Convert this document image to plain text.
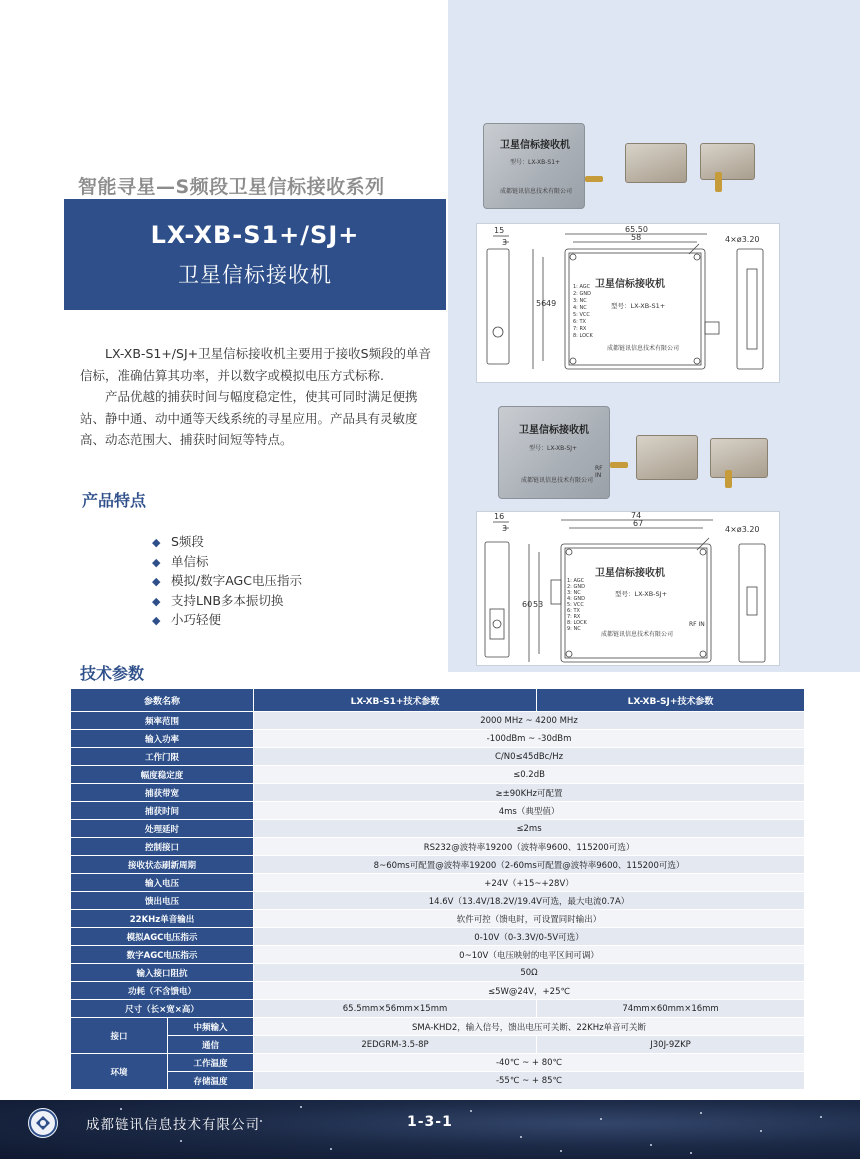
智能寻星—S频段卫星信标接收系列
LX-XB-S1+/SJ+
卫星信标接收机

LX-XB-S1+/SJ+卫星信标接收机主要用于接收S频段的单音信标，准确估算其功率，并以数字或模拟电压方式标称.

产品优越的捕获时间与幅度稳定性，使其可同时满足便携站、静中通、动中通等天线系统的寻星应用。产品具有灵敏度高、动态范围大、捕获时间短等特点。

产品特点
◆ S频段
◆ 单信标
◆ 模拟/数字AGC电压指示
◆ 支持LNB多本振切换
◆ 小巧轻便
技术参数
卫星信标接收机
型号：LX-XB-S1+
成都链讯信息技术有限公司
15
3
65.50
58	4×ø3.20
56 49
卫星信标接收机
型号：LX-XB-S1+
成都链讯信息技术有限公司
1: AGC
2: GND
3: NC
4: NC
5: VCC
6: TX
7: RX
8: LOCK
卫星信标接收机
型号：LX-XB-SJ+
成都链讯信息技术有限公司
RF IN
16
3
74
67
4×ø3.20
60 53
卫星信标接收机
型号：LX-XB-SJ+
成都链讯信息技术有限公司
RF IN
1: AGC
2: GND
3: NC
4: GND
5: VCC
6: TX
7: RX
8: LOCK
9: NC
参数名称		LX-XB-S1+技术参数	LX-XB-SJ+技术参数
频率范围		2000 MHz ~ 4200 MHz	
输入功率		-100dBm ~ -30dBm	
工作门限		C/N0≤45dBc/Hz	
幅度稳定度		≤0.2dB	
捕获带宽		≥±90KHz可配置	
捕获时间		4ms（典型值）	
处理延时		≤2ms	
控制接口		RS232@波特率19200（波特率9600、115200可选）	
接收状态刷新周期		8~60ms可配置@波特率19200（2-60ms可配置@波特率9600、115200可选）	
输入电压		+24V（+15~+28V）	
馈出电压		14.6V（13.4V/18.2V/19.4V可选，最大电流0.7A）	
22KHz单音输出		软件可控（馈电时，可设置同时输出）	
模拟AGC电压指示		0-10V（0-3.3V/0-5V可选）	
数字AGC电压指示		0~10V（电压映射的电平区间可调）	
输入接口阻抗		50Ω	
功耗（不含馈电）		≤5W@24V，+25℃	
尺寸（长×宽×高）		65.5mm×56mm×15mm	74mm×60mm×16mm
接口	中频输入	SMA-KHD2，输入信号，馈出电压可关断、22KHz单音可关断	
	通信	2EDGRM-3.5-8P	J30J-9ZKP
环境	工作温度	-40℃ ~ + 80℃	
	存储温度	-55℃ ~ + 85℃	
成都链讯信息技术有限公司	1-3-1
